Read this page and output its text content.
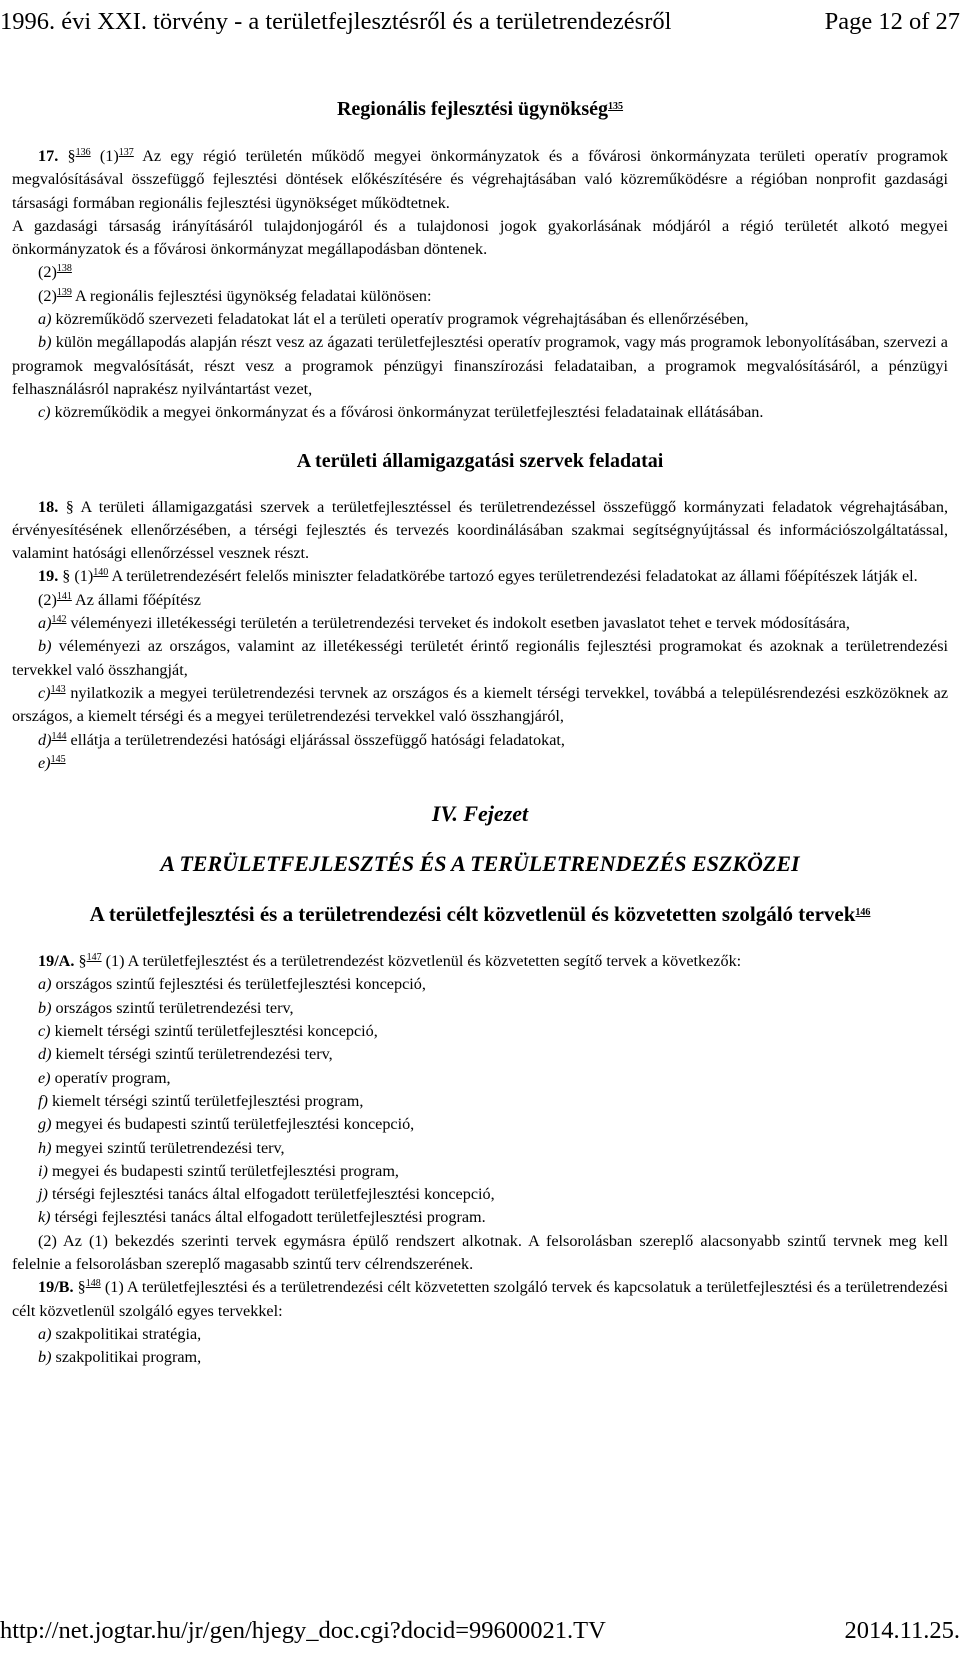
1996. évi XXI. törvény - a területfejlesztésről és a területrendezésről	Page 12 of 27

Regionális fejlesztési ügynökség$^{135}$

17. §$^{136}$ $(1)^{137}$ Az egy régió területén működő megyei önkormányzatok és a fővárosi önkormányzata területi operatív programok megvalósításával összefüggő fejlesztési döntések előkészítésére és végrehajtásában való közreműködésre a régióban nonprofit gazdasági társasági formában regionális fejlesztési ügynökséget működtetnek.

A gazdasági társaság irányításáról tulajdonjogáról és a tulajdonosi jogok gyakorlásának módjáról a régió területét alkotó megyei önkormányzatok és a fővárosi önkormányzat megállapodásban döntenek.

$(2)^{138}$

$(2)^{139}$ A regionális fejlesztési ügynökség feladatai különösen:

a) közreműködő szervezeti feladatokat lát el a területi operatív programok végrehajtásában és ellenőrzésében,

b) külön megállapodás alapján részt vesz az ágazati területfejlesztési operatív programok, vagy más programok lebonyolításában, szervezi a programok megvalósítását, részt vesz a programok pénzügyi finanszírozási feladataiban, a programok megvalósításáról, a pénzügyi felhasználásról naprakész nyilvántartást vezet,

c) közreműködik a megyei önkormányzat és a fővárosi önkormányzat területfejlesztési feladatainak ellátásában.

A területi államigazgatási szervek feladatai

18. § A területi államigazgatási szervek a területfejlesztéssel és területrendezéssel összefüggő kormányzati feladatok végrehajtásában, érvényesítésének ellenőrzésében, a térségi fejlesztés és tervezés koordinálásában szakmai segítségnyújtással és információszolgáltatással, valamint hatósági ellenőrzéssel vesznek részt.

19. § $(1)^{140}$ A területrendezésért felelős miniszter feladatkörébe tartozó egyes területrendezési feladatokat az állami főépítészek látják el.

$(2)^{141}$ Az állami főépítész

a)$^{142}$ véleményezi illetékességi területén a területrendezési terveket és indokolt esetben javaslatot tehet e tervek módosítására,

b) véleményezi az országos, valamint az illetékességi területét érintő regionális fejlesztési programokat és azoknak a területrendezési tervekkel való összhangját,

c)$^{143}$ nyilatkozik a megyei területrendezési tervnek az országos és a kiemelt térségi tervekkel, továbbá a településrendezési eszközöknek az országos, a kiemelt térségi és a megyei területrendezési tervekkel való összhangjáról,

d)$^{144}$ ellátja a területrendezési hatósági eljárással összefüggő hatósági feladatokat,

e)$^{145}$

IV. Fejezet

A TERÜLETFEJLESZTÉS ÉS A TERÜLETRENDEZÉS ESZKÖZEI

A területfejlesztési és a területrendezési célt közvetlenül és közvetetten szolgáló tervek$^{146}$

19/A. §$^{147}$ (1) A területfejlesztést és a területrendezést közvetlenül és közvetetten segítő tervek a következők:

a) országos szintű fejlesztési és területfejlesztési koncepció,

b) országos szintű területrendezési terv,

c) kiemelt térségi szintű területfejlesztési koncepció,

d) kiemelt térségi szintű területrendezési terv,

e) operatív program,

f) kiemelt térségi szintű területfejlesztési program,

g) megyei és budapesti szintű területfejlesztési koncepció,

h) megyei szintű területrendezési terv,

i) megyei és budapesti szintű területfejlesztési program,

j) térségi fejlesztési tanács által elfogadott területfejlesztési koncepció,

k) térségi fejlesztési tanács által elfogadott területfejlesztési program.

(2) Az (1) bekezdés szerinti tervek egymásra épülő rendszert alkotnak. A felsorolásban szereplő alacsonyabb szintű tervnek meg kell felelnie a felsorolásban szereplő magasabb szintű terv célrendszerének.

19/B. §$^{148}$ (1) A területfejlesztési és a területrendezési célt közvetetten szolgáló tervek és kapcsolatuk a területfejlesztési és a területrendezési célt közvetlenül szolgáló egyes tervekkel:

a) szakpolitikai stratégia,

b) szakpolitikai program,

http://net.jogtar.hu/jr/gen/hjegy_doc.cgi?docid=99600021.TV	2014.11.25.
